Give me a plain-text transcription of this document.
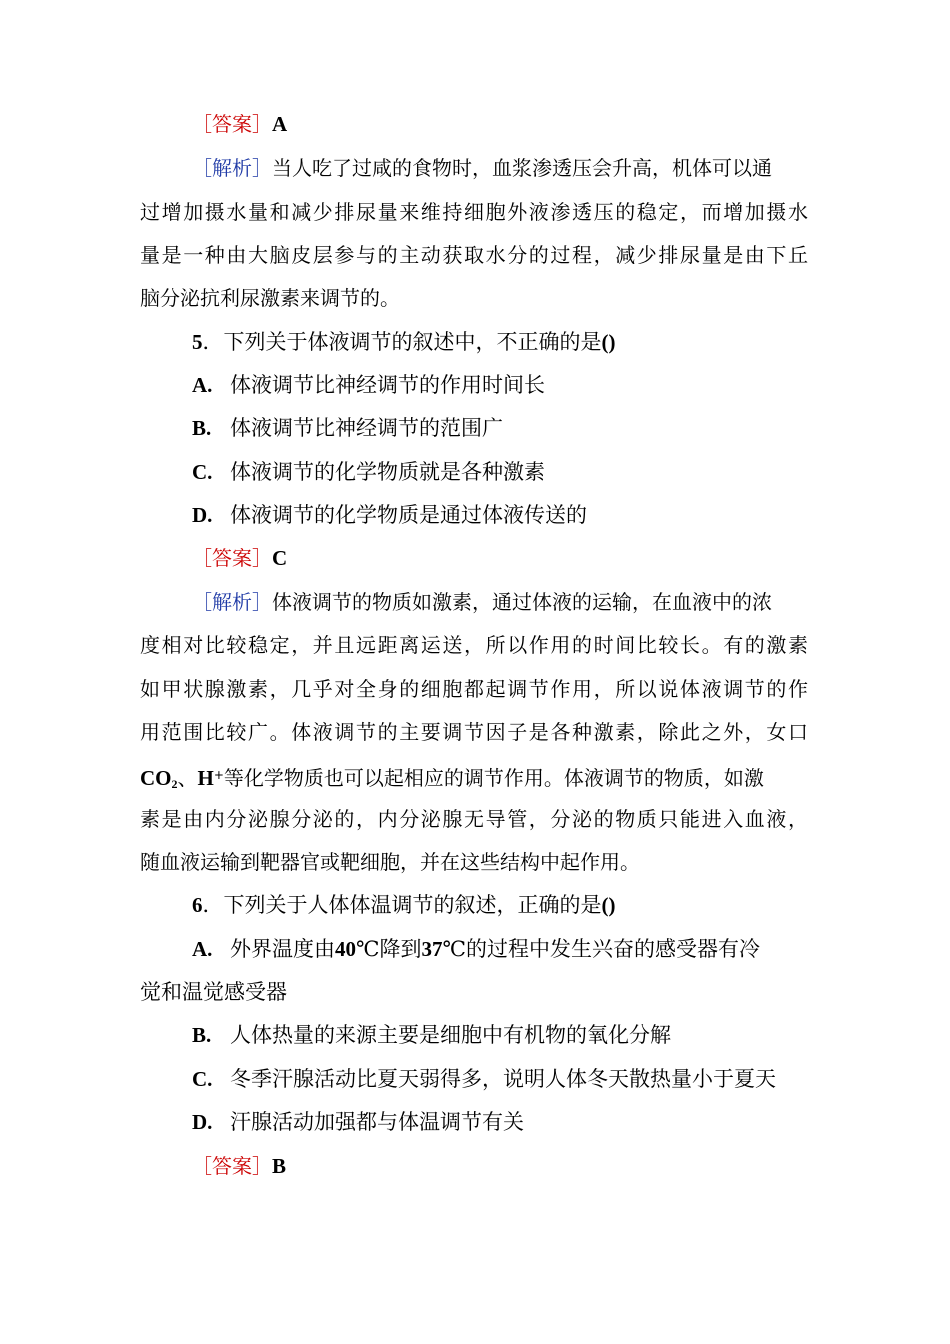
［答案］A
［解析］当人吃了过咸的食物时，血浆渗透压会升高，机体可以通
过增加摄水量和减少排尿量来维持细胞外液渗透压的稳定，而增加摄水
量是一种由大脑皮层参与的主动获取水分的过程，减少排尿量是由下丘
脑分泌抗利尿激素来调节的。
5．下列关于体液调节的叙述中，不正确的是()
A. 体液调节比神经调节的作用时间长
B. 体液调节比神经调节的范围广
C. 体液调节的化学物质就是各种激素
D. 体液调节的化学物质是通过体液传送的
［答案］C
［解析］体液调节的物质如激素，通过体液的运输，在血液中的浓
度相对比较稳定，并且远距离运送，所以作用的时间比较长。有的激素
如甲状腺激素，几乎对全身的细胞都起调节作用，所以说体液调节的作
用范围比较广。体液调节的主要调节因子是各种激素，除此之外，女口
$CO_2$、H+等化学物质也可以起相应的调节作用。体液调节的物质，如激
素是由内分泌腺分泌的，内分泌腺无导管，分泌的物质只能进入血液，
随血液运输到靶器官或靶细胞，并在这些结构中起作用。
6．下列关于人体体温调节的叙述，正确的是()
A. 外界温度由40℃降到37℃的过程中发生兴奋的感受器有冷
觉和温觉感受器
B. 人体热量的来源主要是细胞中有机物的氧化分解
C. 冬季汗腺活动比夏天弱得多，说明人体冬天散热量小于夏天
D. 汗腺活动加强都与体温调节有关
［答案］B
